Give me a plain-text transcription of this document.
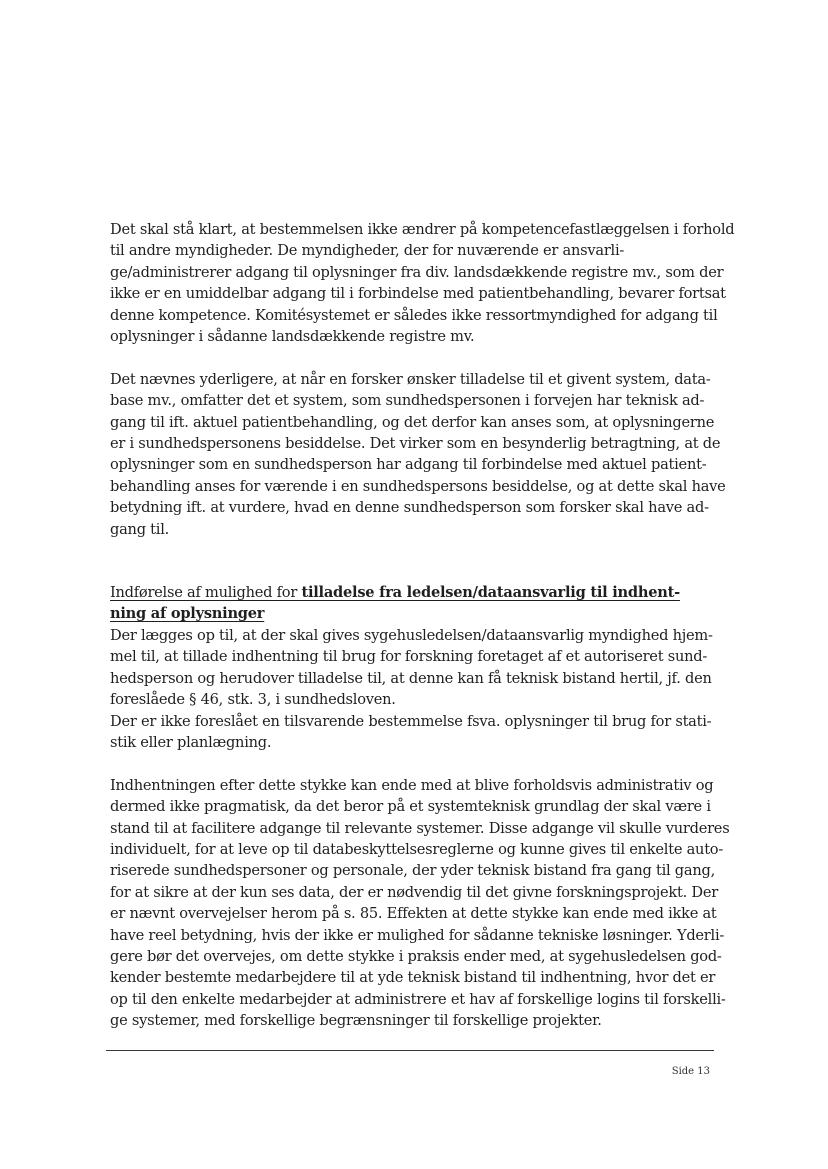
Det skal stå klart, at bestemmelsen ikke ændrer på kompetencefastlæggelsen i forhold
til andre myndigheder. De myndigheder, der for nuværende er ansvarli-
ge/administrerer adgang til oplysninger fra div. landsdækkende registre mv., som der
ikke er en umiddelbar adgang til i forbindelse med patientbehandling, bevarer fortsat
denne kompetence. Komitésystemet er således ikke ressortmyndighed for adgang til
oplysninger i sådanne landsdækkende registre mv.
Det nævnes yderligere, at når en forsker ønsker tilladelse til et givent system, data-
base mv., omfatter det et system, som sundhedspersonen i forvejen har teknisk ad-
gang til ift. aktuel patientbehandling, og det derfor kan anses som, at oplysningerne
er i sundhedspersonens besiddelse. Det virker som en besynderlig betragtning, at de
oplysninger som en sundhedsperson har adgang til forbindelse med aktuel patient-
behandling anses for værende i en sundhedspersons besiddelse, og at dette skal have
betydning ift. at vurdere, hvad en denne sundhedsperson som forsker skal have ad-
gang til.
Indførelse af mulighed for tilladelse fra ledelsen/dataansvarlig til indhent-
ning af oplysninger
Der lægges op til, at der skal gives sygehusledelsen/dataansvarlig myndighed hjem-
mel til, at tillade indhentning til brug for forskning foretaget af et autoriseret sund-
hedsperson og herudover tilladelse til, at denne kan få teknisk bistand hertil, jf. den
foreslåede § 46, stk. 3, i sundhedsloven.
Der er ikke foreslået en tilsvarende bestemmelse fsva. oplysninger til brug for stati-
stik eller planlægning.
Indhentningen efter dette stykke kan ende med at blive forholdsvis administrativ og
dermed ikke pragmatisk, da det beror på et systemteknisk grundlag der skal være i
stand til at facilitere adgange til relevante systemer. Disse adgange vil skulle vurderes
individuelt, for at leve op til databeskyttelsesreglerne og kunne gives til enkelte auto-
riserede sundhedspersoner og personale, der yder teknisk bistand fra gang til gang,
for at sikre at der kun ses data, der er nødvendig til det givne forskningsprojekt. Der
er nævnt overvejelser herom på s. 85. Effekten at dette stykke kan ende med ikke at
have reel betydning, hvis der ikke er mulighed for sådanne tekniske løsninger. Yderli-
gere bør det overvejes, om dette stykke i praksis ender med, at sygehusledelsen god-
kender bestemte medarbejdere til at yde teknisk bistand til indhentning, hvor det er
op til den enkelte medarbejder at administrere et hav af forskellige logins til forskelli-
ge systemer, med forskellige begrænsninger til forskellige projekter.
Side 13
